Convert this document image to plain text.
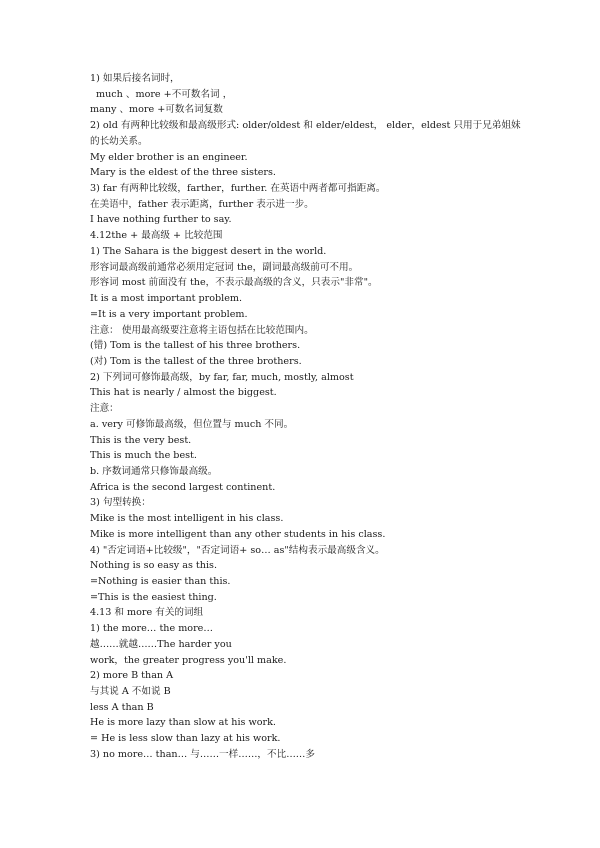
1) 如果后接名词时，
much 、more +不可数名词 ，
many 、more +可数名词复数
2) old 有两种比较级和最高级形式: older/oldest 和 elder/eldest， elder，eldest 只用于兄弟姐妹的长幼关系。
My elder brother is an engineer.
Mary is the eldest of the three sisters.
3) far 有两种比较级，farther，further. 在英语中两者都可指距离。
在美语中，father 表示距离，further 表示进一步。
I have nothing further to say.
4.12the + 最高级 + 比较范围
1) The Sahara is the biggest desert in the world.
形容词最高级前通常必须用定冠词 the，副词最高级前可不用。
形容词 most 前面没有 the，不表示最高级的含义，只表示"非常"。
It is a most important problem.
=It is a very important problem.
注意： 使用最高级要注意将主语包括在比较范围内。
(错) Tom is the tallest of his three brothers.
(对) Tom is the tallest of the three brothers.
2) 下列词可修饰最高级，by far, far, much, mostly, almost
This hat is nearly / almost the biggest.
注意：
a. very 可修饰最高级，但位置与 much 不同。
This is the very best.
This is much the best.
b. 序数词通常只修饰最高级。
Africa is the second largest continent.
3) 句型转换：
Mike is the most intelligent in his class.
Mike is more intelligent than any other students in his class.
4) "否定词语+比较级"，"否定词语+ so… as"结构表示最高级含义。
Nothing is so easy as this.
=Nothing is easier than this.
=This is the easiest thing.
4.13 和 more 有关的词组
1) the more… the more…
越……就越……The harder you
work，the greater progress you'll make.
2) more B than A
与其说 A 不如说 B
less A than B
He is more lazy than slow at his work.
= He is less slow than lazy at his work.
3) no more… than… 与……一样……，不比……多
